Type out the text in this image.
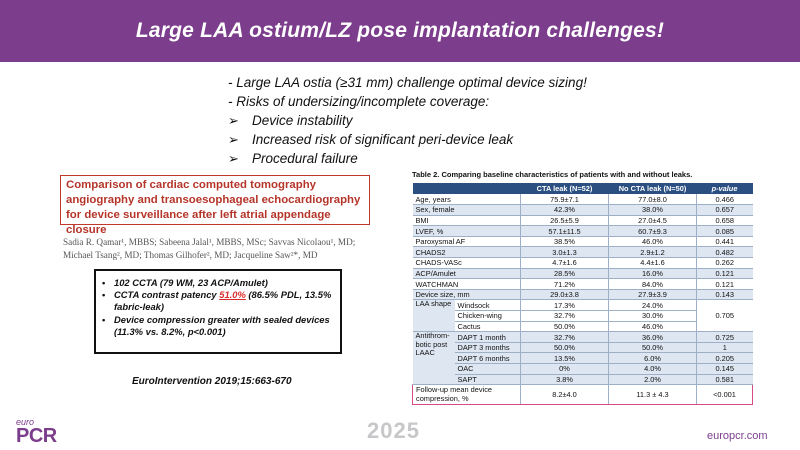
Large LAA ostium/LZ pose implantation challenges!
- Large LAA ostia (≥31 mm) challenge optimal device sizing!
- Risks of undersizing/incomplete coverage:
➢ Device instability
➢ Increased risk of significant peri-device leak
➢ Procedural failure

Comparison of cardiac computed tomography angiography and transoesophageal echocardiography for device surveillance after left atrial appendage closure

Sadia R. Qamar¹, MBBS; Sabeena Jalal¹, MBBS, MSc; Savvas Nicolaou¹, MD; Michael Tsang², MD; Thomas Gilhofer², MD; Jacqueline Saw²*, MD
• 102 CCTA (79 WM, 23 ACP/Amulet)
• CCTA contrast patency 51.0% (86.5% PDL, 13.5% fabric-leak)
• Device compression greater with sealed devices (11.3% vs. 8.2%, p<0.001)
EuroIntervention 2019;15:663-670
Table 2. Comparing baseline characteristics of patients with and without leaks.
		CTA leak (N=52)	No CTA leak (N=50)	p-value
Age, years		75.9±7.1	77.0±8.0	0.466
Sex, female		42.3%	38.0%	0.657
BMI		26.5±5.9	27.0±4.5	0.658
LVEF, %		57.1±11.5	60.7±9.3	0.085
Paroxysmal AF		38.5%	46.0%	0.441
CHADS2		3.0±1.3	2.9±1.2	0.482
CHADS-VASc		4.7±1.6	4.4±1.6	0.262
ACP/Amulet		28.5%	16.0%	0.121
WATCHMAN		71.2%	84.0%	0.121
Device size, mm		29.0±3.8	27.9±3.9	0.143
LAA shape	Windsock	17.3%	24.0%	0.705
	Chicken-wing	32.7%	30.0%	
	Cactus	50.0%	46.0%	
Antithrom-botic post LAAC	DAPT 1 month	32.7%	36.0%	0.725
	DAPT 3 months	50.0%	50.0%	1
	DAPT 6 months	13.5%	6.0%	0.205
	OAC	0%	4.0%	0.145
	SAPT	3.8%	2.0%	0.581
Follow-up mean device compression, %		8.2±4.0	11.3 ± 4.3	<0.001
euro
PCR	2025	europcr.com
